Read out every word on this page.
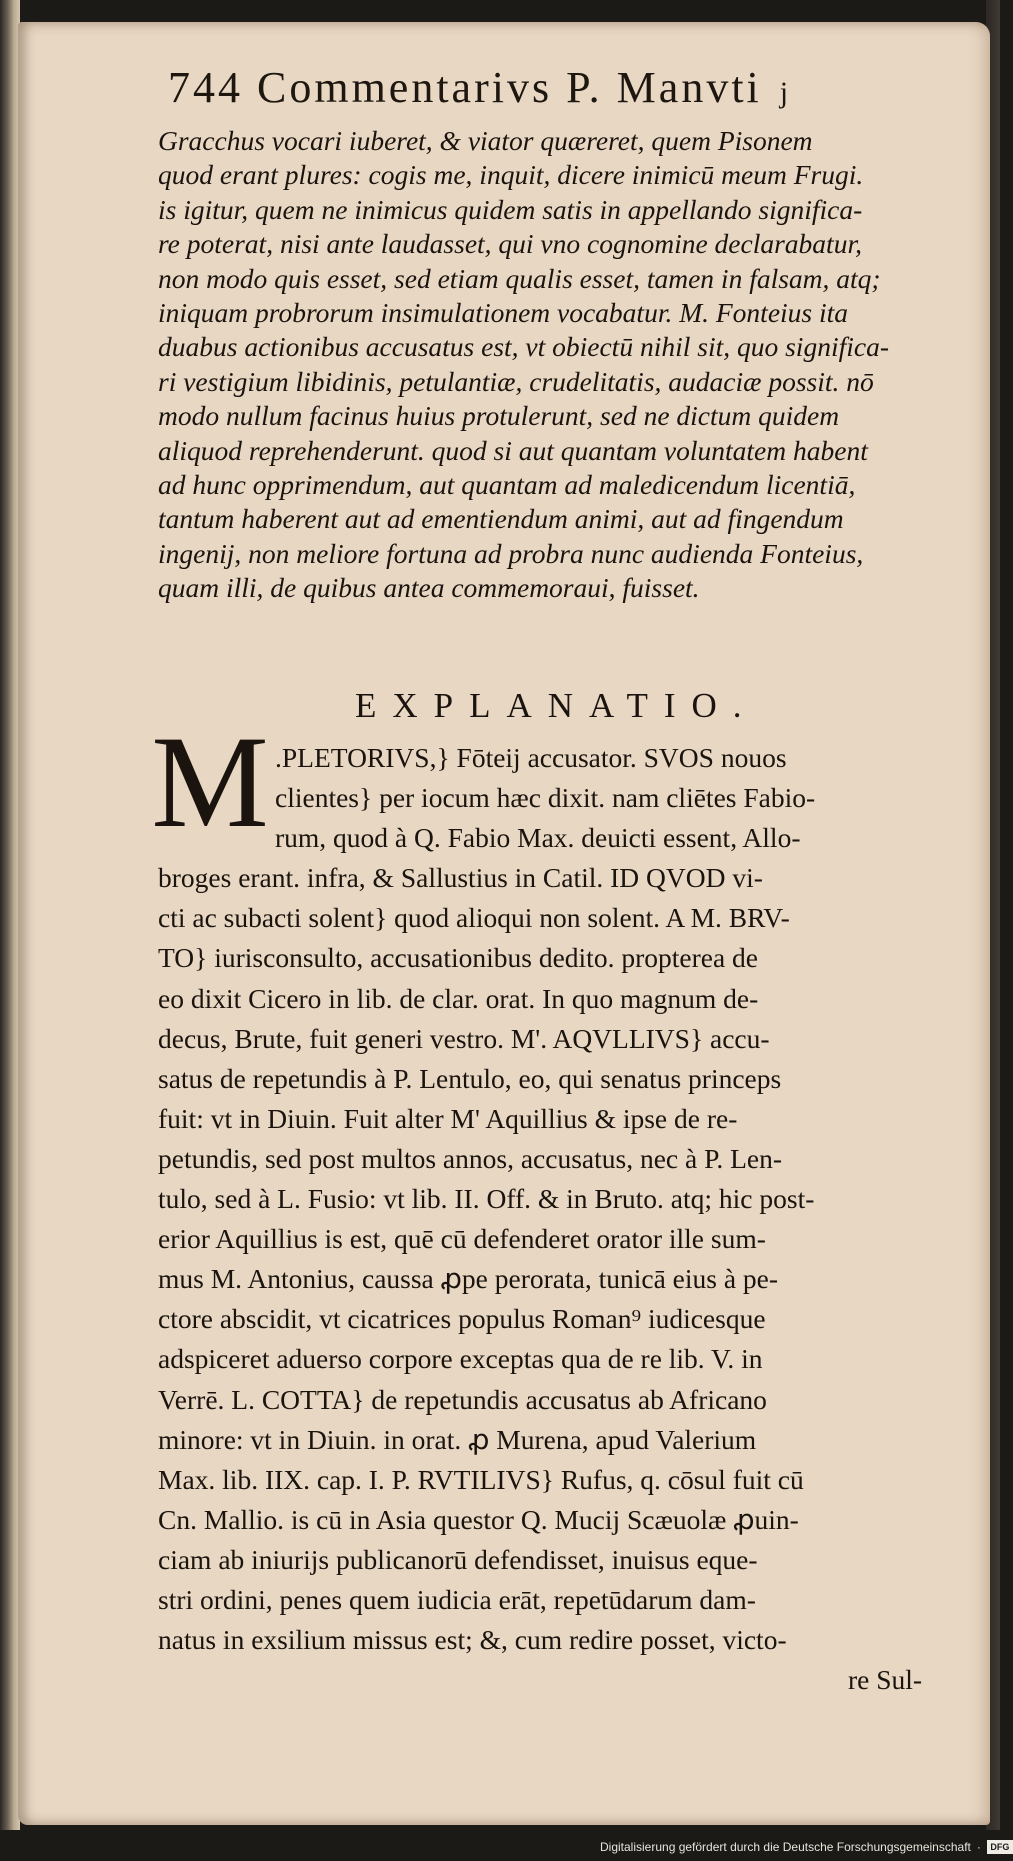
744 Commentarivs P. Manvti j
Gracchus vocari iuberet, & viator quæreret, quem Pisonem
quod erant plures: cogis me, inquit, dicere inimicū meum Frugi.
is igitur, quem ne inimicus quidem satis in appellando significa-
re poterat, nisi ante laudasset, qui vno cognomine declarabatur,
non modo quis esset, sed etiam qualis esset, tamen in falsam, atq;
iniquam probrorum insimulationem vocabatur. M. Fonteius ita
duabus actionibus accusatus est, vt obiectū nihil sit, quo significa-
ri vestigium libidinis, petulantiæ, crudelitatis, audaciæ possit. nō
modo nullum facinus huius protulerunt, sed ne dictum quidem
aliquod reprehenderunt. quod si aut quantam voluntatem habent
ad hunc opprimendum, aut quantam ad maledicendum licentiā,
tantum haberent aut ad ementiendum animi, aut ad fingendum
ingenij, non meliore fortuna ad probra nunc audienda Fonteius,
quam illi, de quibus antea commemoraui, fuisset.
EXPLANATIO.
M .PLETORIVS,} Fōteij accusator. SVOS nouos
clientes} per iocum hæc dixit. nam cliētes Fabio-
rum, quod à Q. Fabio Max. deuicti essent, Allo-
broges erant. infra, & Sallustius in Catil. ID QVOD vi-
cti ac subacti solent} quod alioqui non solent. A M. BRV-
TO} iurisconsulto, accusationibus dedito. propterea de
eo dixit Cicero in lib. de clar. orat. In quo magnum de-
decus, Brute, fuit generi vestro. M'. AQVLLIVS} accu-
satus de repetundis à P. Lentulo, eo, qui senatus princeps
fuit: vt in Diuin. Fuit alter M' Aquillius & ipse de re-
petundis, sed post multos annos, accusatus, nec à P. Len-
tulo, sed à L. Fusio: vt lib. II. Off. & in Bruto. atq; hic post-
erior Aquillius is est, quē cū defenderet orator ille sum-
mus M. Antonius, caussa ꝓpe perorata, tunicā eius à pe-
ctore abscidit, vt cicatrices populus Roman⁹ iudicesque
adspiceret aduerso corpore exceptas qua de re lib. V. in
Verrē. L. COTTA} de repetundis accusatus ab Africano
minore: vt in Diuin. in orat. ꝓ Murena, apud Valerium
Max. lib. IIX. cap. I. P. RVTILIVS} Rufus, q. cōsul fuit cū
Cn. Mallio. is cū in Asia questor Q. Mucij Scæuolæ ꝓuin-
ciam ab iniurijs publicanorū defendisset, inuisus eque-
stri ordini, penes quem iudicia erāt, repetūdarum dam-
natus in exsilium missus est; &, cum redire posset, victo-
re Sul-
Digitalisierung gefördert durch die Deutsche Forschungsgemeinschaft ·	DFG
